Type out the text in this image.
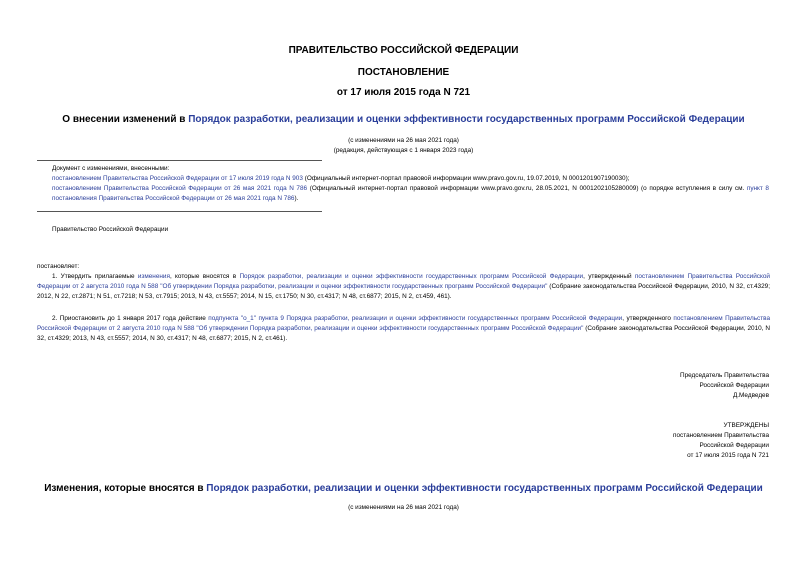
ПРАВИТЕЛЬСТВО РОССИЙСКОЙ ФЕДЕРАЦИИ
ПОСТАНОВЛЕНИЕ
от 17 июля 2015 года N 721
О внесении изменений в Порядок разработки, реализации и оценки эффективности государственных программ Российской Федерации
(с изменениями на 26 мая 2021 года)
(редакция, действующая с 1 января 2023 года)
Документ с изменениями, внесенными:
постановлением Правительства Российской Федерации от 17 июля 2019 года N 903 (Официальный интернет-портал правовой информации www.pravo.gov.ru, 19.07.2019, N 0001201907190030);
постановлением Правительства Российской Федерации от 26 мая 2021 года N 786 (Официальный интернет-портал правовой информации www.pravo.gov.ru, 28.05.2021, N 0001202105280009) (о порядке вступления в силу см. пункт 8 постановления Правительства Российской Федерации от 26 мая 2021 года N 786).
Правительство Российской Федерации
постановляет:
1. Утвердить прилагаемые изменения, которые вносятся в Порядок разработки, реализации и оценки эффективности государственных программ Российской Федерации, утвержденный постановлением Правительства Российской Федерации от 2 августа 2010 года N 588 "Об утверждении Порядка разработки, реализации и оценки эффективности государственных программ Российской Федерации" (Собрание законодательства Российской Федерации, 2010, N 32, ст.4329; 2012, N 22, ст.2871; N 51, ст.7218; N 53, ст.7915; 2013, N 43, ст.5557; 2014, N 15, ст.1750; N 30, ст.4317; N 48, ст.6877; 2015, N 2, ст.459, 461).
2. Приостановить до 1 января 2017 года действие подпункта "о_1" пункта 9 Порядка разработки, реализации и оценки эффективности государственных программ Российской Федерации, утвержденного постановлением Правительства Российской Федерации от 2 августа 2010 года N 588 "Об утверждении Порядка разработки, реализации и оценки эффективности государственных программ Российской Федерации" (Собрание законодательства Российской Федерации, 2010, N 32, ст.4329; 2013, N 43, ст.5557; 2014, N 30, ст.4317; N 48, ст.6877; 2015, N 2, ст.461).
Председатель Правительства
Российской Федерации
Д.Медведев
УТВЕРЖДЕНЫ
постановлением Правительства
Российской Федерации
от 17 июля 2015 года N 721
Изменения, которые вносятся в Порядок разработки, реализации и оценки эффективности государственных программ Российской Федерации
(с изменениями на 26 мая 2021 года)
